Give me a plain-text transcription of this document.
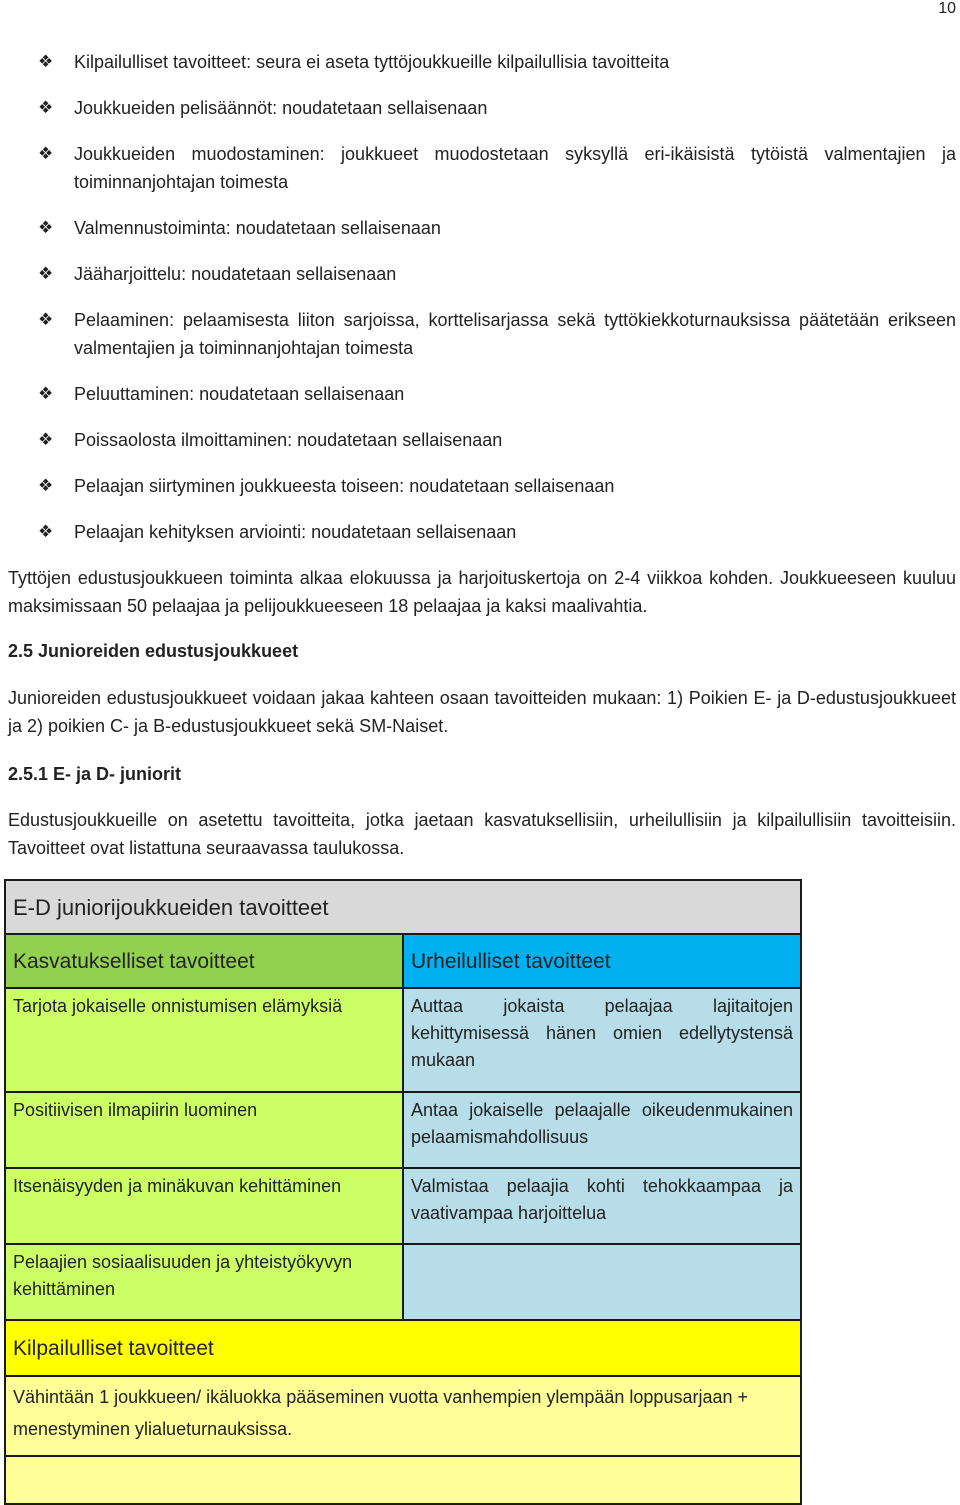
10
❖	Kilpailulliset tavoitteet: seura ei aseta tyttöjoukkueille kilpailullisia tavoitteita
❖	Joukkueiden pelisäännöt: noudatetaan sellaisenaan
❖	Joukkueiden muodostaminen: joukkueet muodostetaan syksyllä eri-ikäisistä tytöistä valmentajien ja toiminnanjohtajan toimesta
❖	Valmennustoiminta: noudatetaan sellaisenaan
❖	Jääharjoittelu: noudatetaan sellaisenaan
❖	Pelaaminen: pelaamisesta liiton sarjoissa, korttelisarjassa sekä tyttökiekkoturnauksissa päätetään erikseen valmentajien ja toiminnanjohtajan toimesta
❖	Peluuttaminen: noudatetaan sellaisenaan
❖	Poissaolosta ilmoittaminen: noudatetaan sellaisenaan
❖	Pelaajan siirtyminen joukkueesta toiseen: noudatetaan sellaisenaan
❖	Pelaajan kehityksen arviointi: noudatetaan sellaisenaan
Tyttöjen edustusjoukkueen toiminta alkaa elokuussa ja harjoituskertoja on 2-4 viikkoa kohden. Joukkueeseen kuuluu maksimissaan 50 pelaajaa ja pelijoukkueeseen 18 pelaajaa ja kaksi maalivahtia.
2.5 Junioreiden edustusjoukkueet
Junioreiden edustusjoukkueet voidaan jakaa kahteen osaan tavoitteiden mukaan: 1) Poikien E- ja D-edustusjoukkueet ja 2) poikien C- ja B-edustusjoukkueet sekä SM-Naiset.
2.5.1 E- ja D- juniorit
Edustusjoukkueille on asetettu tavoitteita, jotka jaetaan kasvatuksellisiin, urheilullisiin ja kilpailullisiin tavoitteisiin. Tavoitteet ovat listattuna seuraavassa taulukossa.
E-D juniorijoukkueiden tavoitteet	
Kasvatukselliset tavoitteet	Urheilulliset tavoitteet
Tarjota jokaiselle onnistumisen elämyksiä	Auttaa jokaista pelaajaa lajitaitojen kehittymisessä hänen omien edellytystensä mukaan
Positiivisen ilmapiirin luominen	Antaa jokaiselle pelaajalle oikeudenmukainen pelaamismahdollisuus
Itsenäisyyden ja minäkuvan kehittäminen	Valmistaa pelaajia kohti tehokkaampaa ja vaativampaa harjoittelua
Pelaajien sosiaalisuuden ja yhteistyökyvyn kehittäminen	
Kilpailulliset tavoitteet	
Vähintään 1 joukkueen/ ikäluokka pääseminen vuotta vanhempien ylempään loppusarjaan + menestyminen ylialueturnauksissa.	
